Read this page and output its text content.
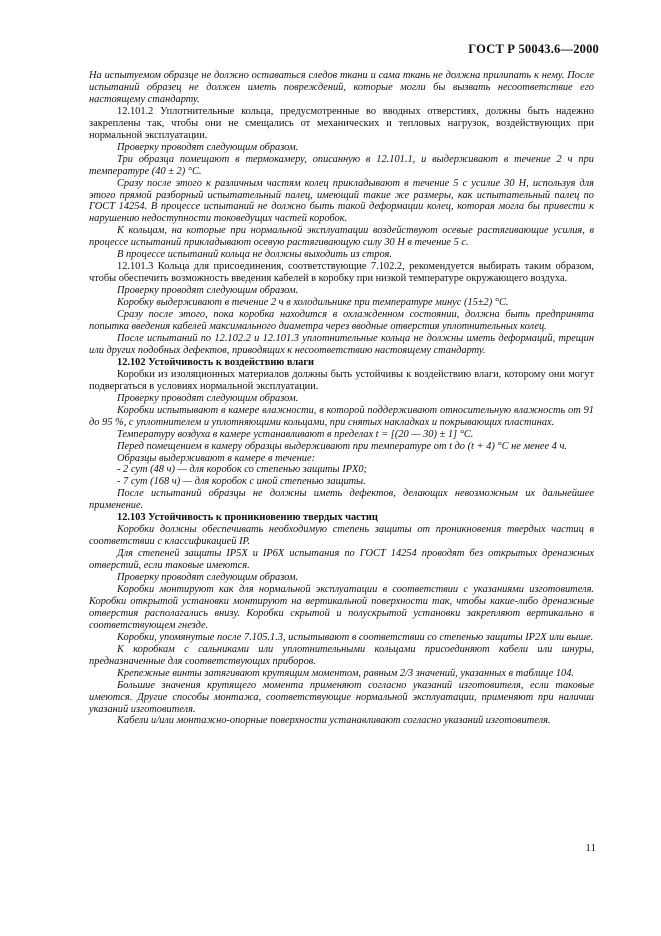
ГОСТ Р 50043.6—2000

На испытуемом образце не должно оставаться следов ткани и сама ткань не должна прилипать к нему. После испытаний образец не должен иметь повреждений, которые могли бы вызвать несоответствие его настоящему стандарту.

12.101.2 Уплотнительные кольца, предусмотренные во вводных отверстиях, должны быть надежно закреплены так, чтобы они не смещались от механических и тепловых нагрузок, воздействующих при нормальной эксплуатации.

Проверку проводят следующим образом.

Три образца помещают в термокамеру, описанную в 12.101.1, и выдерживают в течение 2 ч при температуре (40 ± 2) °С.

Сразу после этого к различным частям колец прикладывают в течение 5 с усилие 30 Н, используя для этого прямой разборный испытательный палец, имеющий такие же размеры, как испытательный палец по ГОСТ 14254. В процессе испытаний не должно быть такой деформации колец, которая могла бы привести к нарушению недоступности токоведущих частей коробок.

К кольцам, на которые при нормальной эксплуатации воздействуют осевые растягивающие усилия, в процессе испытаний прикладывают осевую растягивающую силу 30 Н в течение 5 с.

В процессе испытаний кольца не должны выходить из строя.

12.101.3 Кольца для присоединения, соответствующие 7.102.2, рекомендуется выбирать таким образом, чтобы обеспечить возможность введения кабелей в коробку при низкой температуре окружающего воздуха.

Проверку проводят следующим образом.

Коробку выдерживают в течение 2 ч в холодильнике при температуре минус (15±2) °С.

Сразу после этого, пока коробка находится в охлажденном состоянии, должна быть предпринята попытка введения кабелей максимального диаметра через вводные отверстия уплотнительных колец.

После испытаний по 12.102.2 и 12.101.3 уплотнительные кольца не должны иметь деформаций, трещин или других подобных дефектов, приводящих к несоответствию настоящему стандарту.

12.102 Устойчивость к воздействию влаги

Коробки из изоляционных материалов должны быть устойчивы к воздействию влаги, которому они могут подвергаться в условиях нормальной эксплуатации.

Проверку проводят следующим образом.

Коробки испытывают в камере влажности, в которой поддерживают относительную влажность от 91 до 95 %, с уплотнителем и уплотняющими кольцами, при снятых накладках и покрывающих пластинах.

Температуру воздуха в камере устанавливают в пределах t = [(20 — 30) ± 1] °С.

Перед помещением в камеру образцы выдерживают при температуре от t до (t + 4) °С не менее 4 ч.

Образцы выдерживают в камере в течение:

- 2 сут (48 ч) — для коробок со степенью защиты IPX0;

- 7 сут (168 ч) — для коробок с иной степенью защиты.

После испытаний образцы не должны иметь дефектов, делающих невозможным их дальнейшее применение.

12.103 Устойчивость к проникновению твердых частиц

Коробки должны обеспечивать необходимую степень защиты от проникновения твердых частиц в соответствии с классификацией IP.

Для степеней защиты IP5X и IP6X испытания по ГОСТ 14254 проводят без открытых дренажных отверстий, если таковые имеются.

Проверку проводят следующим образом.

Коробки монтируют как для нормальной эксплуатации в соответствии с указаниями изготовителя. Коробки открытой установки монтируют на вертикальной поверхности так, чтобы какие-либо дренажные отверстия располагались внизу. Коробки скрытой и полускрытой установки закрепляют вертикально в соответствующем гнезде.

Коробки, упомянутые после 7.105.1.3, испытывают в соответствии со степенью защиты IP2X или выше.

К коробкам с сальниками или уплотнительными кольцами присоединяют кабели или шнуры, предназначенные для соответствующих приборов.

Крепежные винты затягивают крутящим моментом, равным 2/3 значений, указанных в таблице 104.

Большие значения крутящего момента применяют согласно указаний изготовителя, если таковые имеются. Другие способы монтажа, соответствующие нормальной эксплуатации, применяют при наличии указаний изготовителя.

Кабели и/или монтажно-опорные поверхности устанавливают согласно указаний изготовителя.

11
